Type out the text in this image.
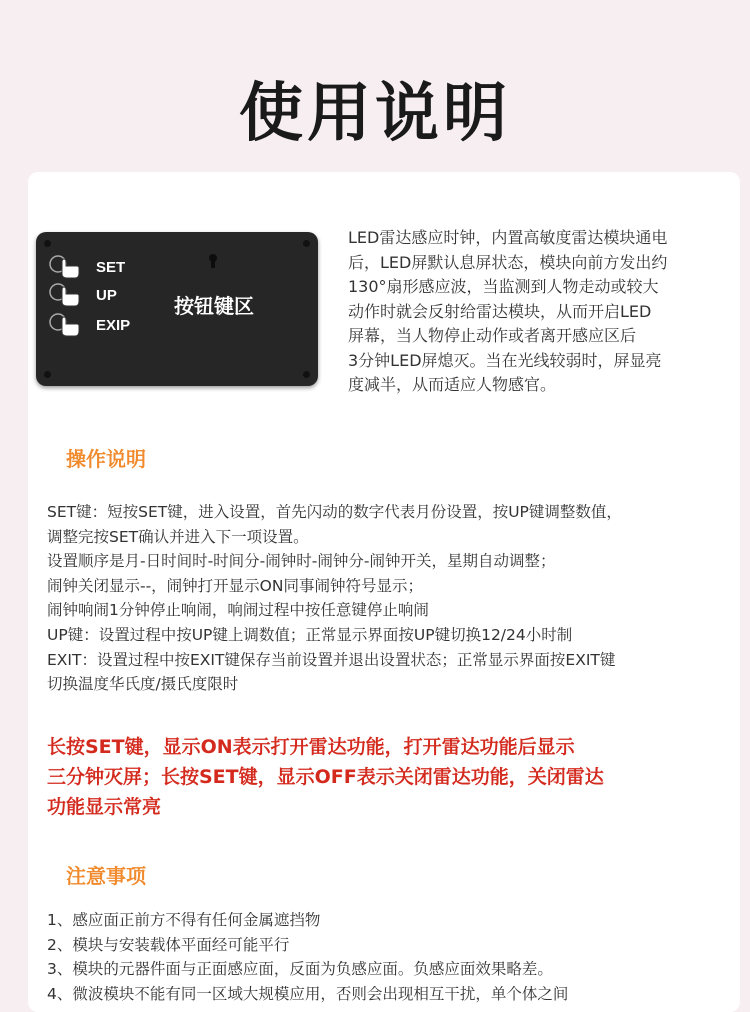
使用说明
SET
UP
EXIP
按钮键区
LED雷达感应时钟，内置高敏度雷达模块通电
后，LED屏默认息屏状态，模块向前方发出约
130°扇形感应波，当监测到人物走动或较大
动作时就会反射给雷达模块，从而开启LED
屏幕，当人物停止动作或者离开感应区后
3分钟LED屏熄灭。当在光线较弱时，屏显亮
度减半，从而适应人物感官。
操作说明
SET键：短按SET键，进入设置，首先闪动的数字代表月份设置，按UP键调整数值，
调整完按SET确认并进入下一项设置。
设置顺序是月-日时间时-时间分-闹钟时-闹钟分-闹钟开关，星期自动调整；
闹钟关闭显示--，闹钟打开显示ON同事闹钟符号显示；
闹钟响闹1分钟停止响闹，响闹过程中按任意键停止响闹
UP键：设置过程中按UP键上调数值；正常显示界面按UP键切换12/24小时制
EXIT：设置过程中按EXIT键保存当前设置并退出设置状态；正常显示界面按EXIT键
切换温度华氏度/摄氏度限时
长按SET键，显示ON表示打开雷达功能，打开雷达功能后显示
三分钟灭屏；长按SET键，显示OFF表示关闭雷达功能，关闭雷达
功能显示常亮
注意事项
1、感应面正前方不得有任何金属遮挡物
2、模块与安装载体平面经可能平行
3、模块的元器件面与正面感应面，反面为负感应面。负感应面效果略差。
4、微波模块不能有同一区域大规模应用，否则会出现相互干扰，单个体之间
